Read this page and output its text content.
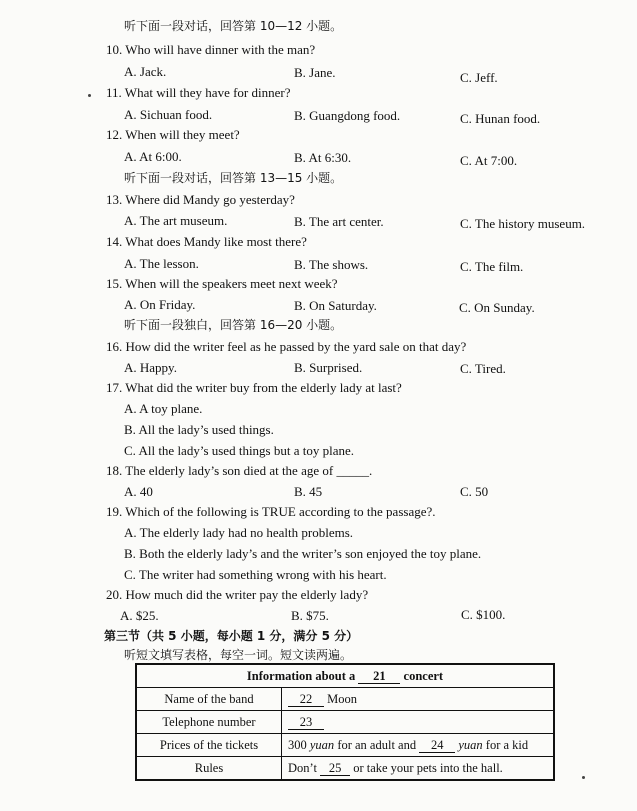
听下面一段对话，回答第 10—12 小题。
10. Who will have dinner with the man?
A. Jack.	B. Jane.	C. Jeff.
11. What will they have for dinner?
A. Sichuan food.	B. Guangdong food.	C. Hunan food.
12. When will they meet?
A. At 6:00.	B. At 6:30.	C. At 7:00.
听下面一段对话，回答第 13—15 小题。
13. Where did Mandy go yesterday?
A. The art museum.	B. The art center.	C. The history museum.
14. What does Mandy like most there?
A. The lesson.	B. The shows.	C. The film.
15. When will the speakers meet next week?
A. On Friday.	B. On Saturday.	C. On Sunday.
听下面一段独白，回答第 16—20 小题。
16. How did the writer feel as he passed by the yard sale on that day?
A. Happy.	B. Surprised.	C. Tired.
17. What did the writer buy from the elderly lady at last?
A. A toy plane.
B. All the lady’s used things.
C. All the lady’s used things but a toy plane.
18. The elderly lady’s son died at the age of _____.
A. 40	B. 45	C. 50
19. Which of the following is TRUE according to the passage?.
A. The elderly lady had no health problems.
B. Both the elderly lady’s and the writer’s son enjoyed the toy plane.
C. The writer had something wrong with his heart.
20. How much did the writer pay the elderly lady?
A. $25.	B. $75.	C. $100.
第三节（共 5 小题，每小题 1 分，满分 5 分）
听短文填写表格，每空一词。短文读两遍。
Information about a 21 concert	
Name of the band	22 Moon
Telephone number	23
Prices of the tickets	300 yuan for an adult and 24 yuan for a kid
Rules	Don’t 25 or take your pets into the hall.
